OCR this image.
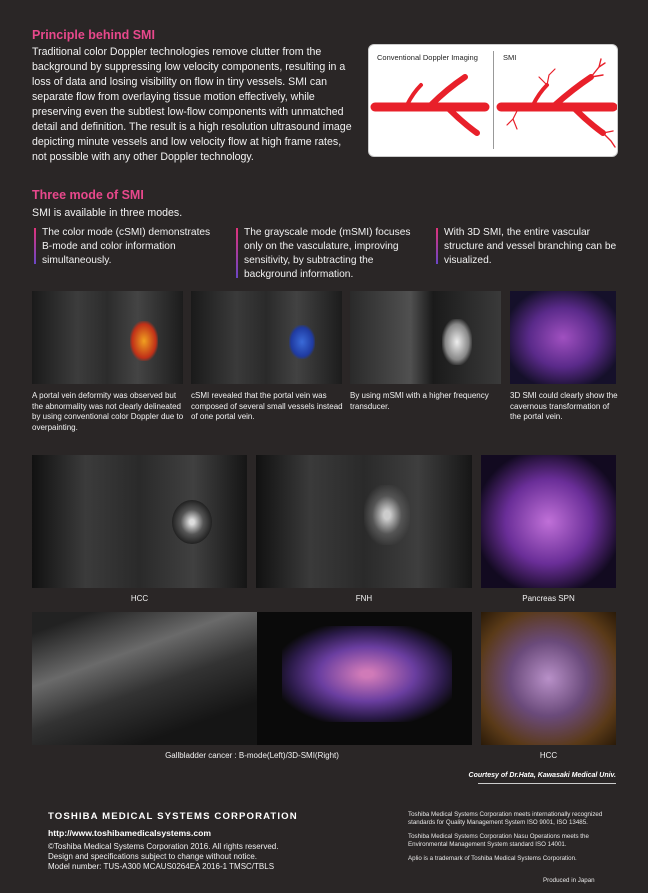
Principle behind SMI
Traditional color Doppler technologies remove clutter from the background by suppressing low velocity components, resulting in a loss of data and losing visibility on flow in tiny vessels. SMI can separate flow from overlaying tissue motion effectively, while preserving even the subtlest low-flow components with unmatched detail and definition. The result is a high resolution ultrasound image depicting minute vessels and low velocity flow at high frame rates, not possible with any other Doppler technology.
Conventional Doppler Imaging	SMI
Three mode of SMI
SMI is available in three modes.
The color mode (cSMI) demonstrates B-mode and color information simultaneously.
The grayscale mode (mSMI) focuses only on the vasculature, improving sensitivity, by subtracting the background information.
With 3D SMI, the entire vascular structure and vessel branching can be visualized.
A portal vein deformity was observed but the abnormality was not clearly delineated by using conventional color Doppler due to overpainting.
cSMI revealed that the portal vein was composed of several small vessels instead of one portal vein.
By using mSMI with a higher frequency transducer.
3D SMI could clearly show the cavernous transformation of the portal vein.
HCC	FNH	Pancreas SPN
Gallbladder cancer : B-mode(Left)/3D-SMI(Right)	HCC
Courtesy of Dr.Hata, Kawasaki Medical Univ.
TOSHIBA MEDICAL SYSTEMS CORPORATION
http://www.toshibamedicalsystems.com
©Toshiba Medical Systems Corporation 2016. All rights reserved.
Design and specifications subject to change without notice.
Model number: TUS-A300 MCAUS0264EA 2016-1 TMSC/TBLS
Toshiba Medical Systems Corporation meets internationally recognized standards for Quality Management System ISO 9001, ISO 13485.
Toshiba Medical Systems Corporation Nasu Operations meets the Environmental Management System standard ISO 14001.
Aplio is a trademark of Toshiba Medical Systems Corporation.
Produced in Japan
